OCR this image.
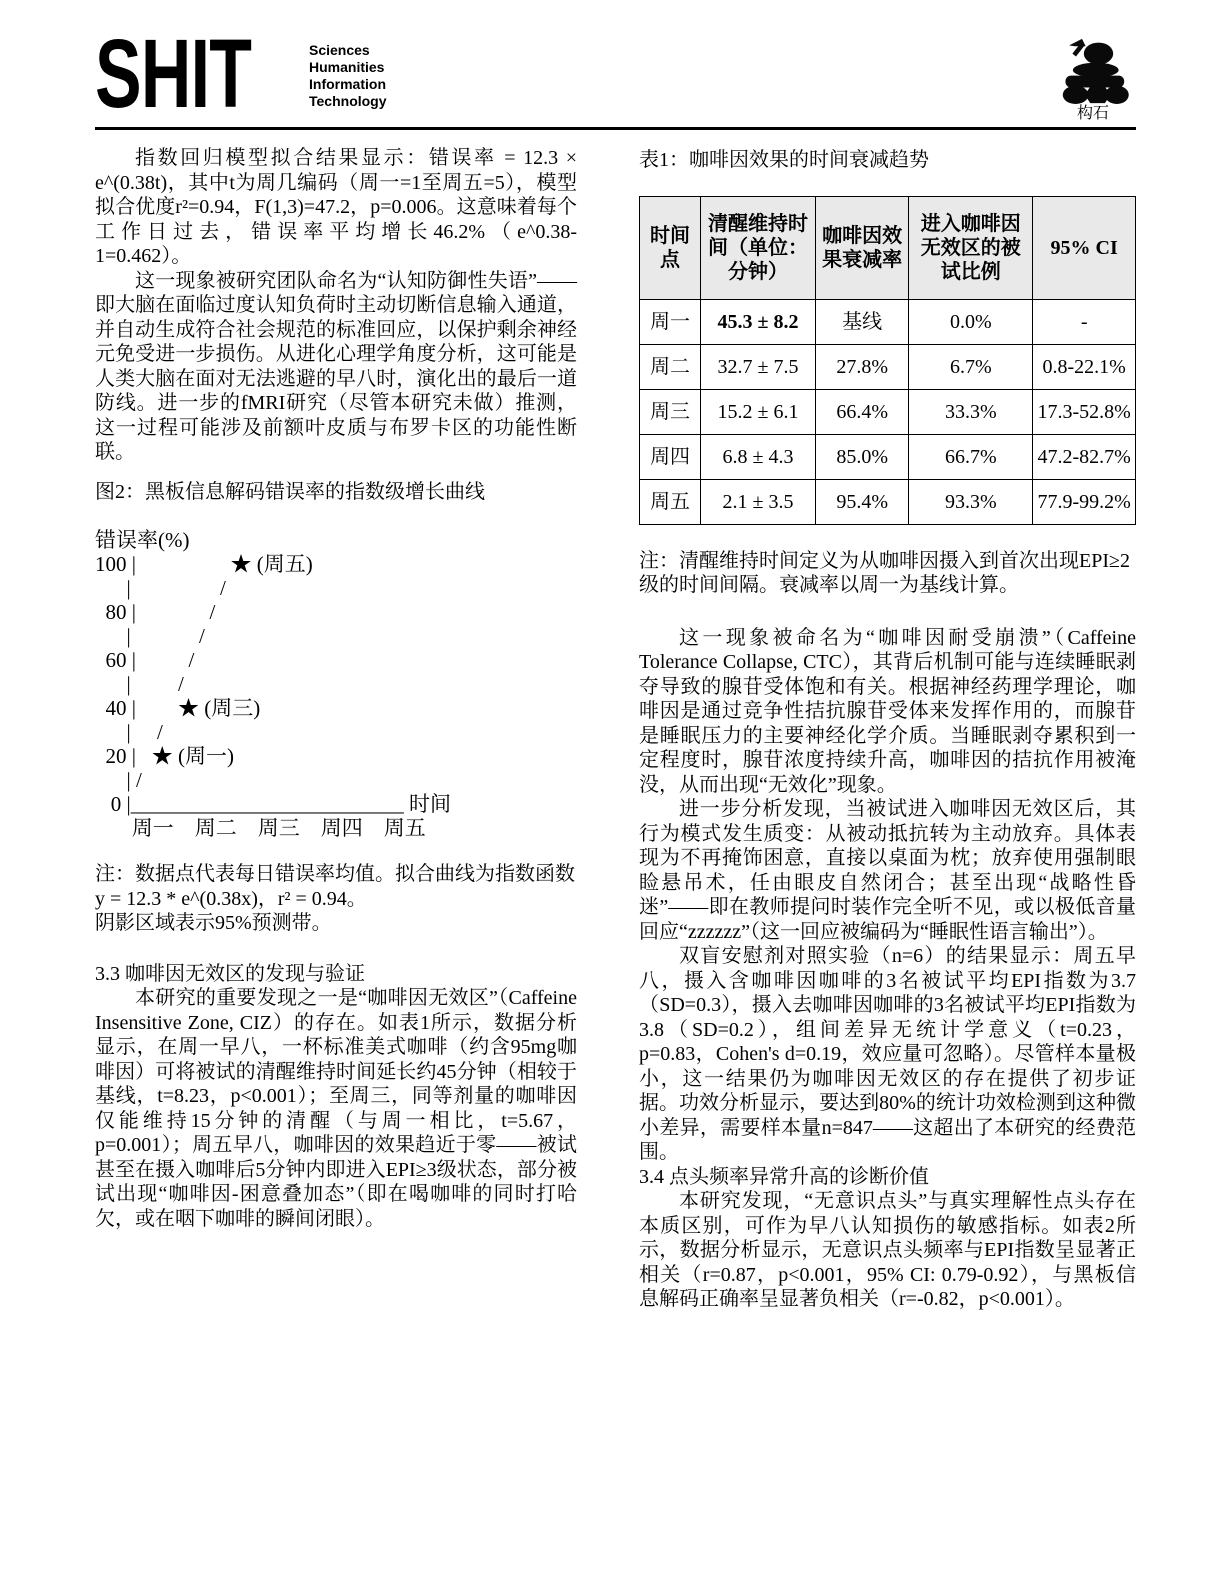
SHIT	Sciences
Humanities
Information
Technology
构石

指数回归模型拟合结果显示：错误率 = 12.3 × e^(0.38t)，其中t为周几编码（周一=1至周五=5），模型拟合优度r²=0.94，F(1,3)=47.2，p=0.006。这意味着每个工作日过去，错误率平均增长46.2%（e^0.38-1=0.462）。

这一现象被研究团队命名为“认知防御性失语”——即大脑在面临过度认知负荷时主动切断信息输入通道，并自动生成符合社会规范的标准回应，以保护剩余神经元免受进一步损伤。从进化心理学角度分析，这可能是人类大脑在面对无法逃避的早八时，演化出的最后一道防线。进一步的fMRI研究（尽管本研究未做）推测，这一过程可能涉及前额叶皮质与布罗卡区的功能性断联。

图2：黑板信息解码错误率的指数级增长曲线

错误率(%)
100 |                  ★ (周五)
|                 /
80 |              /
|             /
60 |          /
|         /
40 |        ★ (周三)
|     /
20 |   ★ (周一)
| /
0 |__________________________ 时间
周一    周二    周三    周四    周五

注：数据点代表每日错误率均值。拟合曲线为指数函数 y = 12.3 * e^(0.38x)，r² = 0.94。
阴影区域表示95%预测带。

3.3 咖啡因无效区的发现与验证

本研究的重要发现之一是“咖啡因无效区”（Caffeine Insensitive Zone, CIZ）的存在。如表1所示，数据分析显示，在周一早八，一杯标准美式咖啡（约含95mg咖啡因）可将被试的清醒维持时间延长约45分钟（相较于基线，t=8.23，p<0.001）；至周三，同等剂量的咖啡因仅能维持15分钟的清醒（与周一相比，t=5.67，p=0.001）；周五早八，咖啡因的效果趋近于零——被试甚至在摄入咖啡后5分钟内即进入EPI≥3级状态，部分被试出现“咖啡因-困意叠加态”（即在喝咖啡的同时打哈欠，或在咽下咖啡的瞬间闭眼）。

表1：咖啡因效果的时间衰减趋势

时间点	清醒维持时间（单位：分钟）	咖啡因效果衰减率	进入咖啡因无效区的被试比例	95% CI
周一	45.3 ± 8.2	基线	0.0%	-
周二	32.7 ± 7.5	27.8%	6.7%	0.8-22.1%
周三	15.2 ± 6.1	66.4%	33.3%	17.3-52.8%
周四	6.8 ± 4.3	85.0%	66.7%	47.2-82.7%
周五	2.1 ± 3.5	95.4%	93.3%	77.9-99.2%

注：清醒维持时间定义为从咖啡因摄入到首次出现EPI≥2级的时间间隔。衰减率以周一为基线计算。

这一现象被命名为“咖啡因耐受崩溃”（Caffeine Tolerance Collapse, CTC），其背后机制可能与连续睡眠剥夺导致的腺苷受体饱和有关。根据神经药理学理论，咖啡因是通过竞争性拮抗腺苷受体来发挥作用的，而腺苷是睡眠压力的主要神经化学介质。当睡眠剥夺累积到一定程度时，腺苷浓度持续升高，咖啡因的拮抗作用被淹没，从而出现“无效化”现象。

进一步分析发现，当被试进入咖啡因无效区后，其行为模式发生质变：从被动抵抗转为主动放弃。具体表现为不再掩饰困意，直接以桌面为枕；放弃使用强制眼睑悬吊术，任由眼皮自然闭合；甚至出现“战略性昏迷”——即在教师提问时装作完全听不见，或以极低音量回应“zzzzzz”（这一回应被编码为“睡眠性语言输出”）。

双盲安慰剂对照实验（n=6）的结果显示：周五早八，摄入含咖啡因咖啡的3名被试平均EPI指数为3.7（SD=0.3），摄入去咖啡因咖啡的3名被试平均EPI指数为3.8（SD=0.2），组间差异无统计学意义（t=0.23，p=0.83，Cohen's d=0.19，效应量可忽略）。尽管样本量极小，这一结果仍为咖啡因无效区的存在提供了初步证据。功效分析显示，要达到80%的统计功效检测到这种微小差异，需要样本量n=847——这超出了本研究的经费范围。

3.4 点头频率异常升高的诊断价值

本研究发现，“无意识点头”与真实理解性点头存在本质区别，可作为早八认知损伤的敏感指标。如表2所示，数据分析显示，无意识点头频率与EPI指数呈显著正相关（r=0.87，p<0.001，95% CI: 0.79-0.92），与黑板信息解码正确率呈显著负相关（r=-0.82，p<0.001）。
